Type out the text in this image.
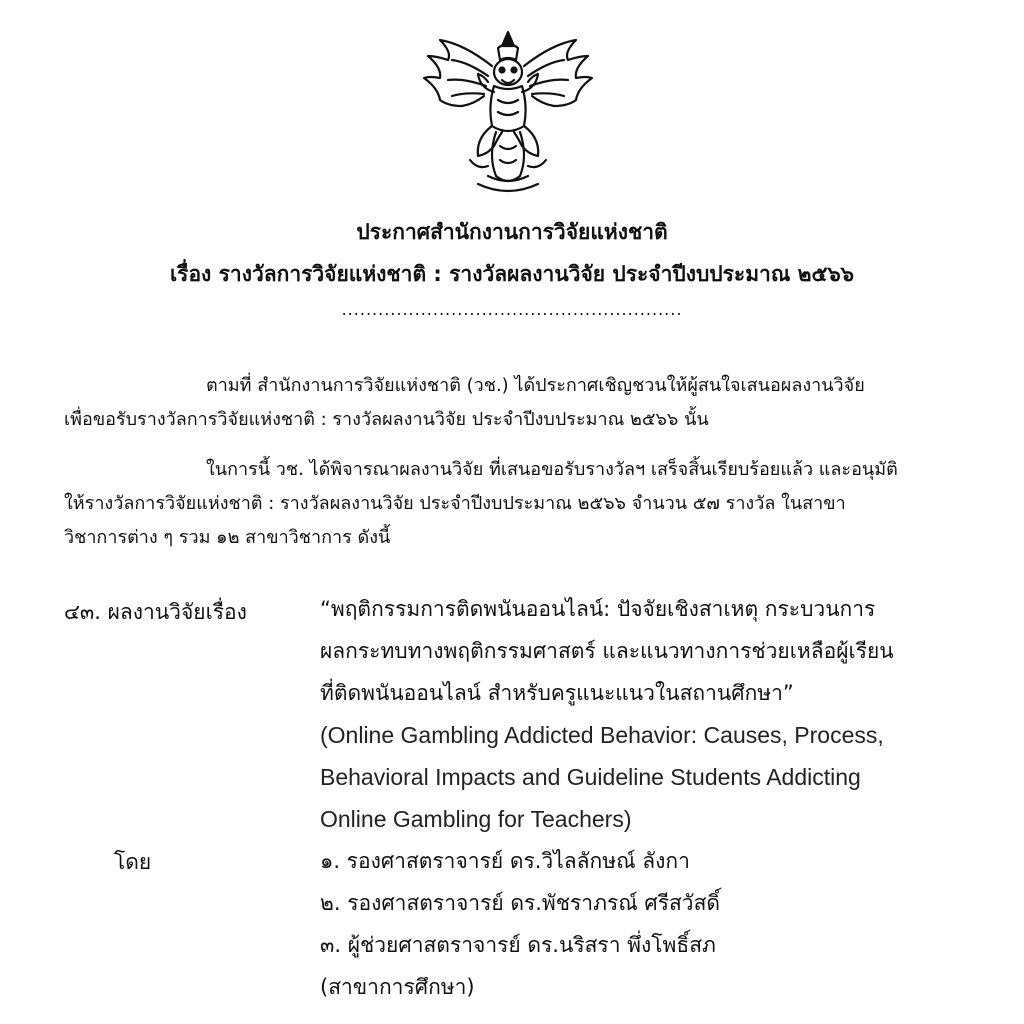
ประกาศสำนักงานการวิจัยแห่งชาติ
เรื่อง รางวัลการวิจัยแห่งชาติ : รางวัลผลงานวิจัย ประจำปีงบประมาณ ๒๕๖๖
........................................................
ตามที่ สำนักงานการวิจัยแห่งชาติ (วช.) ได้ประกาศเชิญชวนให้ผู้สนใจเสนอผลงานวิจัย
เพื่อขอรับรางวัลการวิจัยแห่งชาติ : รางวัลผลงานวิจัย ประจำปีงบประมาณ ๒๕๖๖ นั้น
ในการนี้ วช. ได้พิจารณาผลงานวิจัย ที่เสนอขอรับรางวัลฯ เสร็จสิ้นเรียบร้อยแล้ว และอนุมัติ
ให้รางวัลการวิจัยแห่งชาติ : รางวัลผลงานวิจัย ประจำปีงบประมาณ ๒๕๖๖ จำนวน ๕๗ รางวัล ในสาขา
วิชาการต่าง ๆ รวม ๑๒ สาขาวิชาการ ดังนี้
๔๓. ผลงานวิจัยเรื่อง	“พฤติกรรมการติดพนันออนไลน์: ปัจจัยเชิงสาเหตุ กระบวนการ
ผลกระทบทางพฤติกรรมศาสตร์ และแนวทางการช่วยเหลือผู้เรียน
ที่ติดพนันออนไลน์ สำหรับครูแนะแนวในสถานศึกษา”
(Online Gambling Addicted Behavior: Causes, Process,
Behavioral Impacts and Guideline Students Addicting
Online Gambling for Teachers)
โดย	๑. รองศาสตราจารย์ ดร.วิไลลักษณ์ ลังกา
๒. รองศาสตราจารย์ ดร.พัชราภรณ์ ศรีสวัสดิ์
๓. ผู้ช่วยศาสตราจารย์ ดร.นริสรา พึ่งโพธิ์สภ
(สาขาการศึกษา)
